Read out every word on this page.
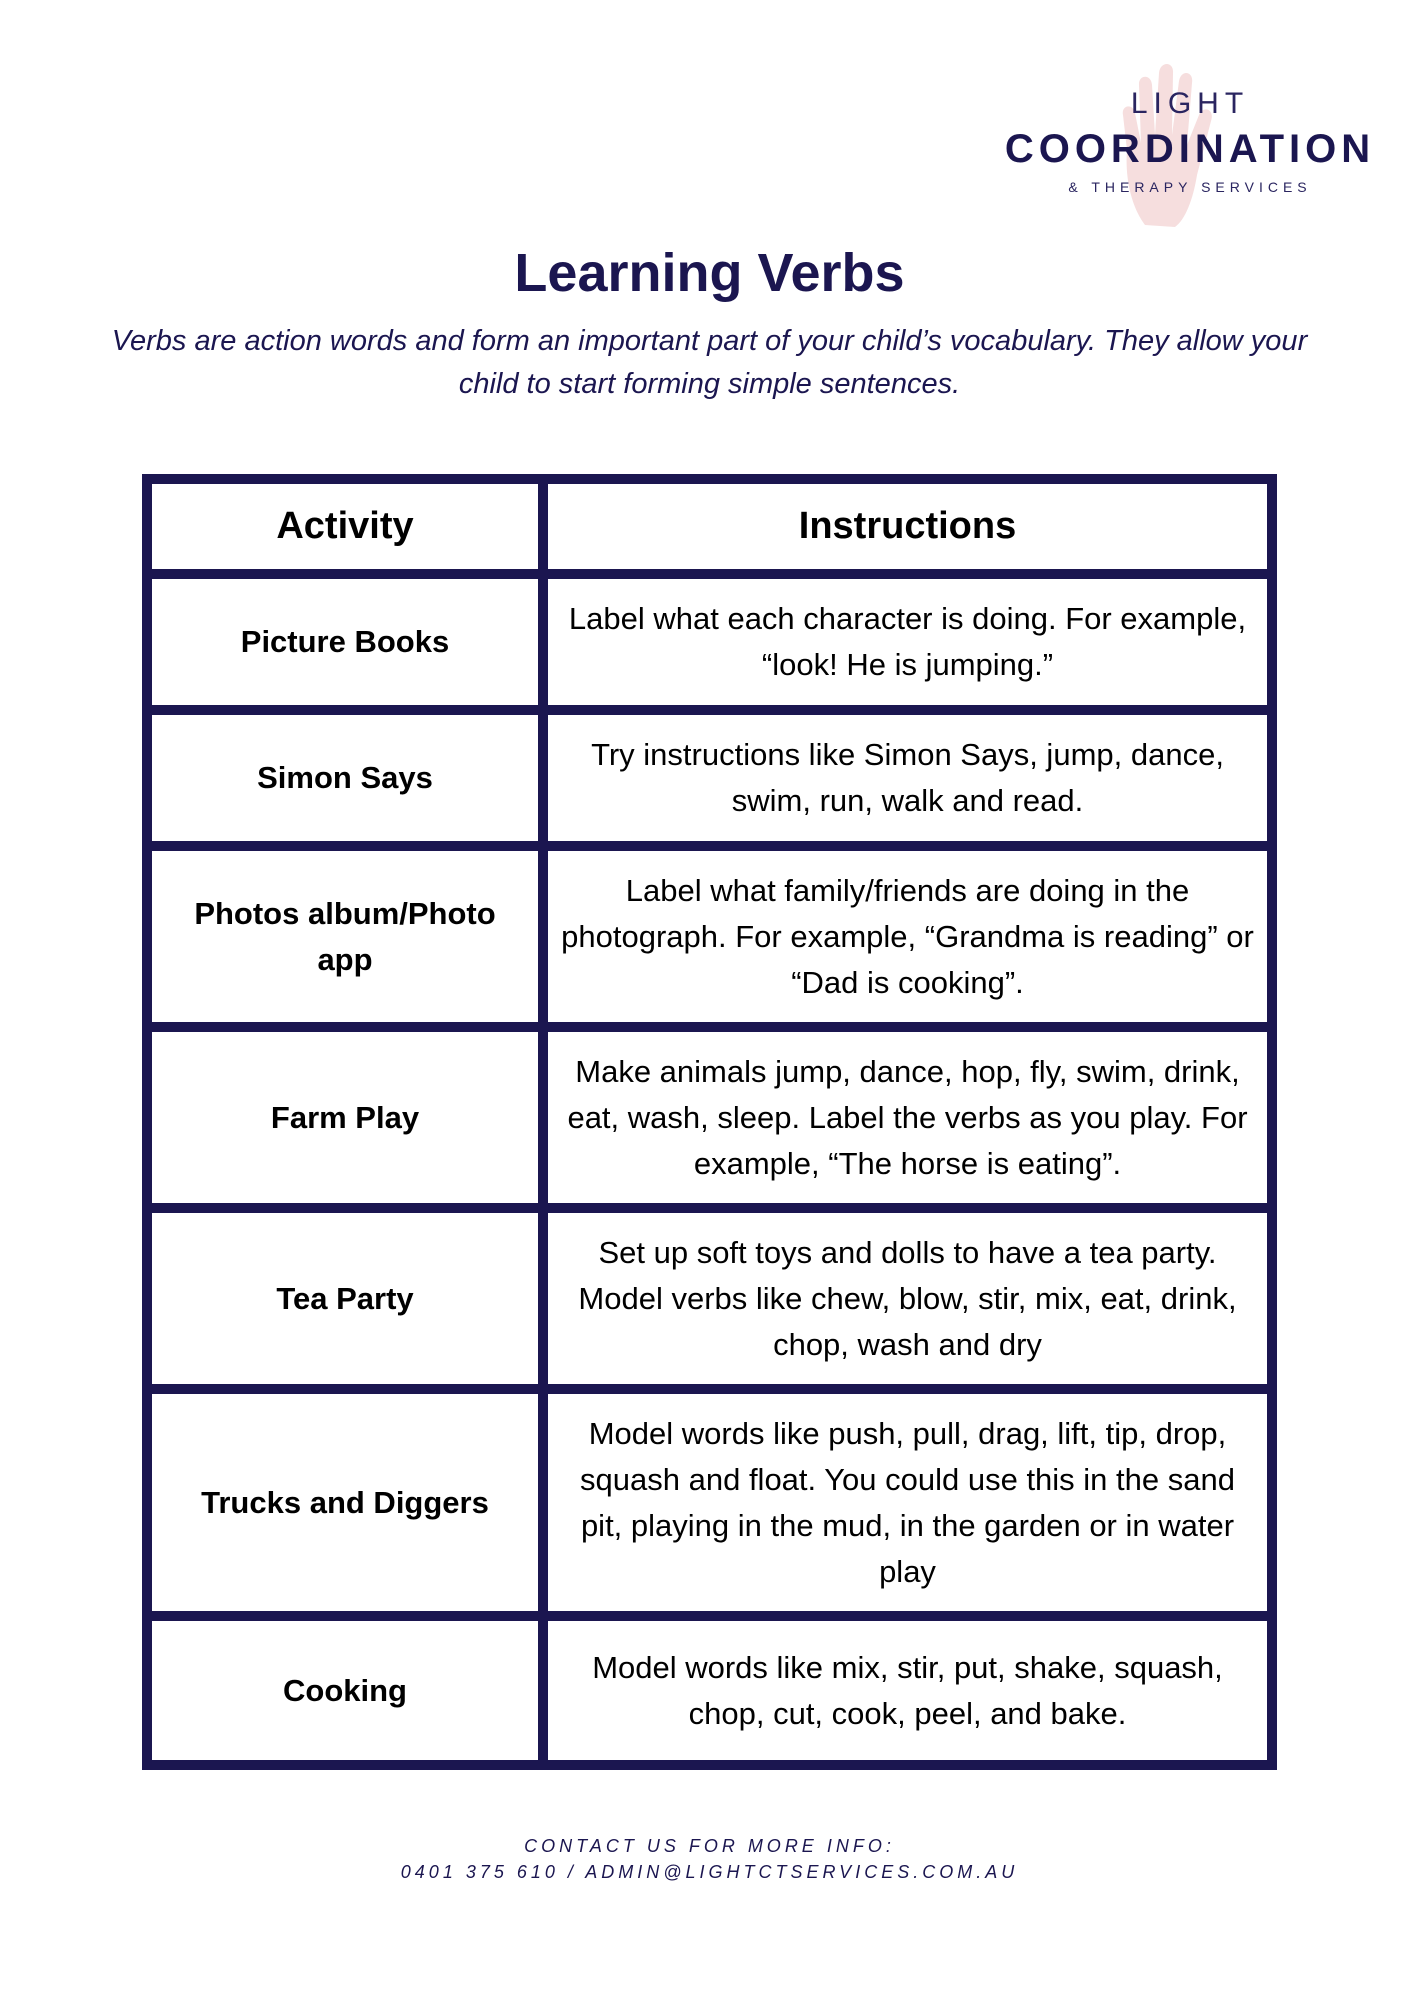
LIGHT
COORDINATION
& THERAPY SERVICES
Learning Verbs

Verbs are action words and form an important part of your child’s vocabulary. They allow your child to start forming simple sentences.

Activity	Instructions
Picture Books
Label what each character is doing. For example, “look! He is jumping.”
Simon Says
Try instructions like Simon Says, jump, dance, swim, run, walk and read.
Photos album/Photo app
Label what family/friends are doing in the photograph. For example, “Grandma is reading” or “Dad is cooking”.
Farm Play
Make animals jump, dance, hop, fly, swim, drink, eat, wash, sleep. Label the verbs as you play. For example, “The horse is eating”.
Tea Party
Set up soft toys and dolls to have a tea party. Model verbs like chew, blow, stir, mix, eat, drink, chop, wash and dry
Trucks and Diggers
Model words like push, pull, drag, lift, tip, drop, squash and float. You could use this in the sand pit, playing in the mud, in the garden or in water play
Cooking
Model words like mix, stir, put, shake, squash, chop, cut, cook, peel, and bake.
CONTACT US FOR MORE INFO:
0401 375 610 / ADMIN@LIGHTCTSERVICES.COM.AU
